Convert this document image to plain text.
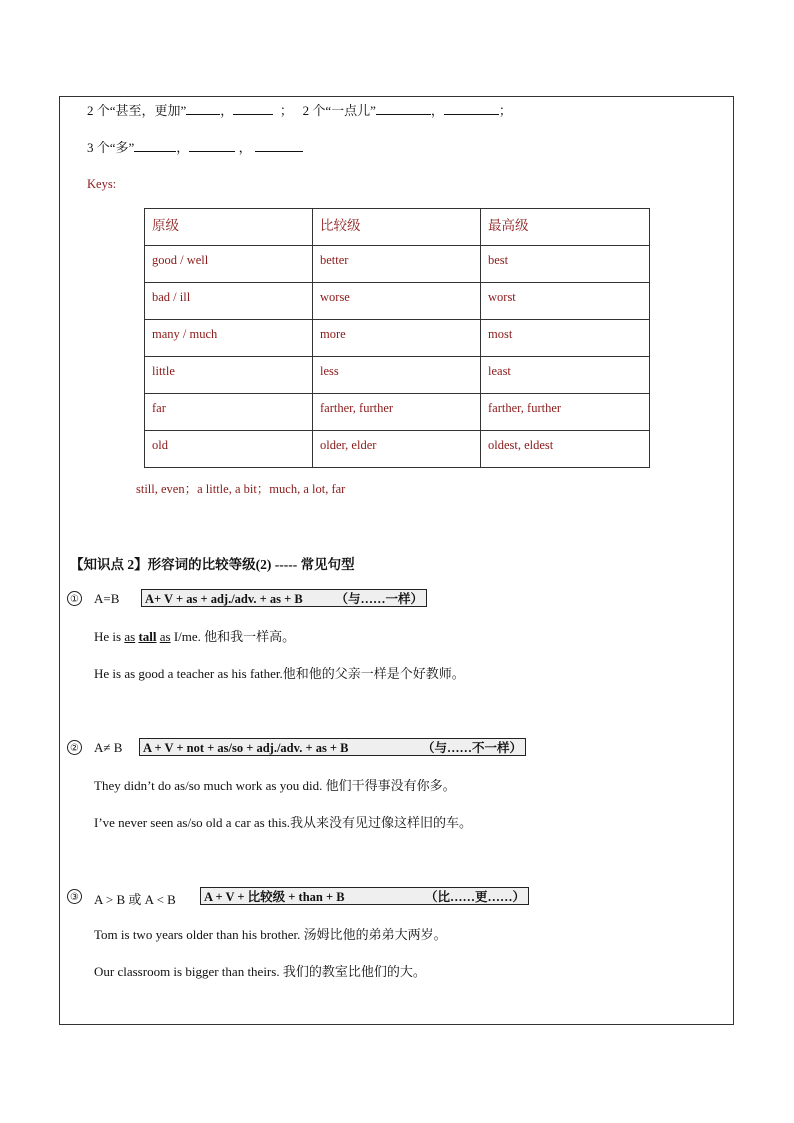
2 个“甚至，更加”	，	； 2 个“一点儿”	，	；
3 个“多”	，	，
Keys:
原级	比较级	最高级
good / well	better	best
bad / ill	worse	worst
many / much	more	most
little	less	least
far	farther, further	farther, further
old	older, elder	oldest, eldest
still, even；a little, a bit；much, a lot, far
【知识点 2】形容词的比较等级(2) ----- 常见句型
① A=B A+ V + as + adj./adv. + as + B	（与……一样）
He is as tall as I/me. 他和我一样高。
He is as good a teacher as his father.他和他的父亲一样是个好教师。
② A≠ B A + V + not + as/so + adj./adv. + as + B	（与……不一样）
They didn’t do as/so much work as you did. 他们干得事没有你多。
I’ve never seen as/so old a car as this.我从来没有见过像这样旧的车。
③ A > B 或 A < B A + V + 比较级 + than + B	（比……更……）
Tom is two years older than his brother. 汤姆比他的弟弟大两岁。
Our classroom is bigger than theirs. 我们的教室比他们的大。
